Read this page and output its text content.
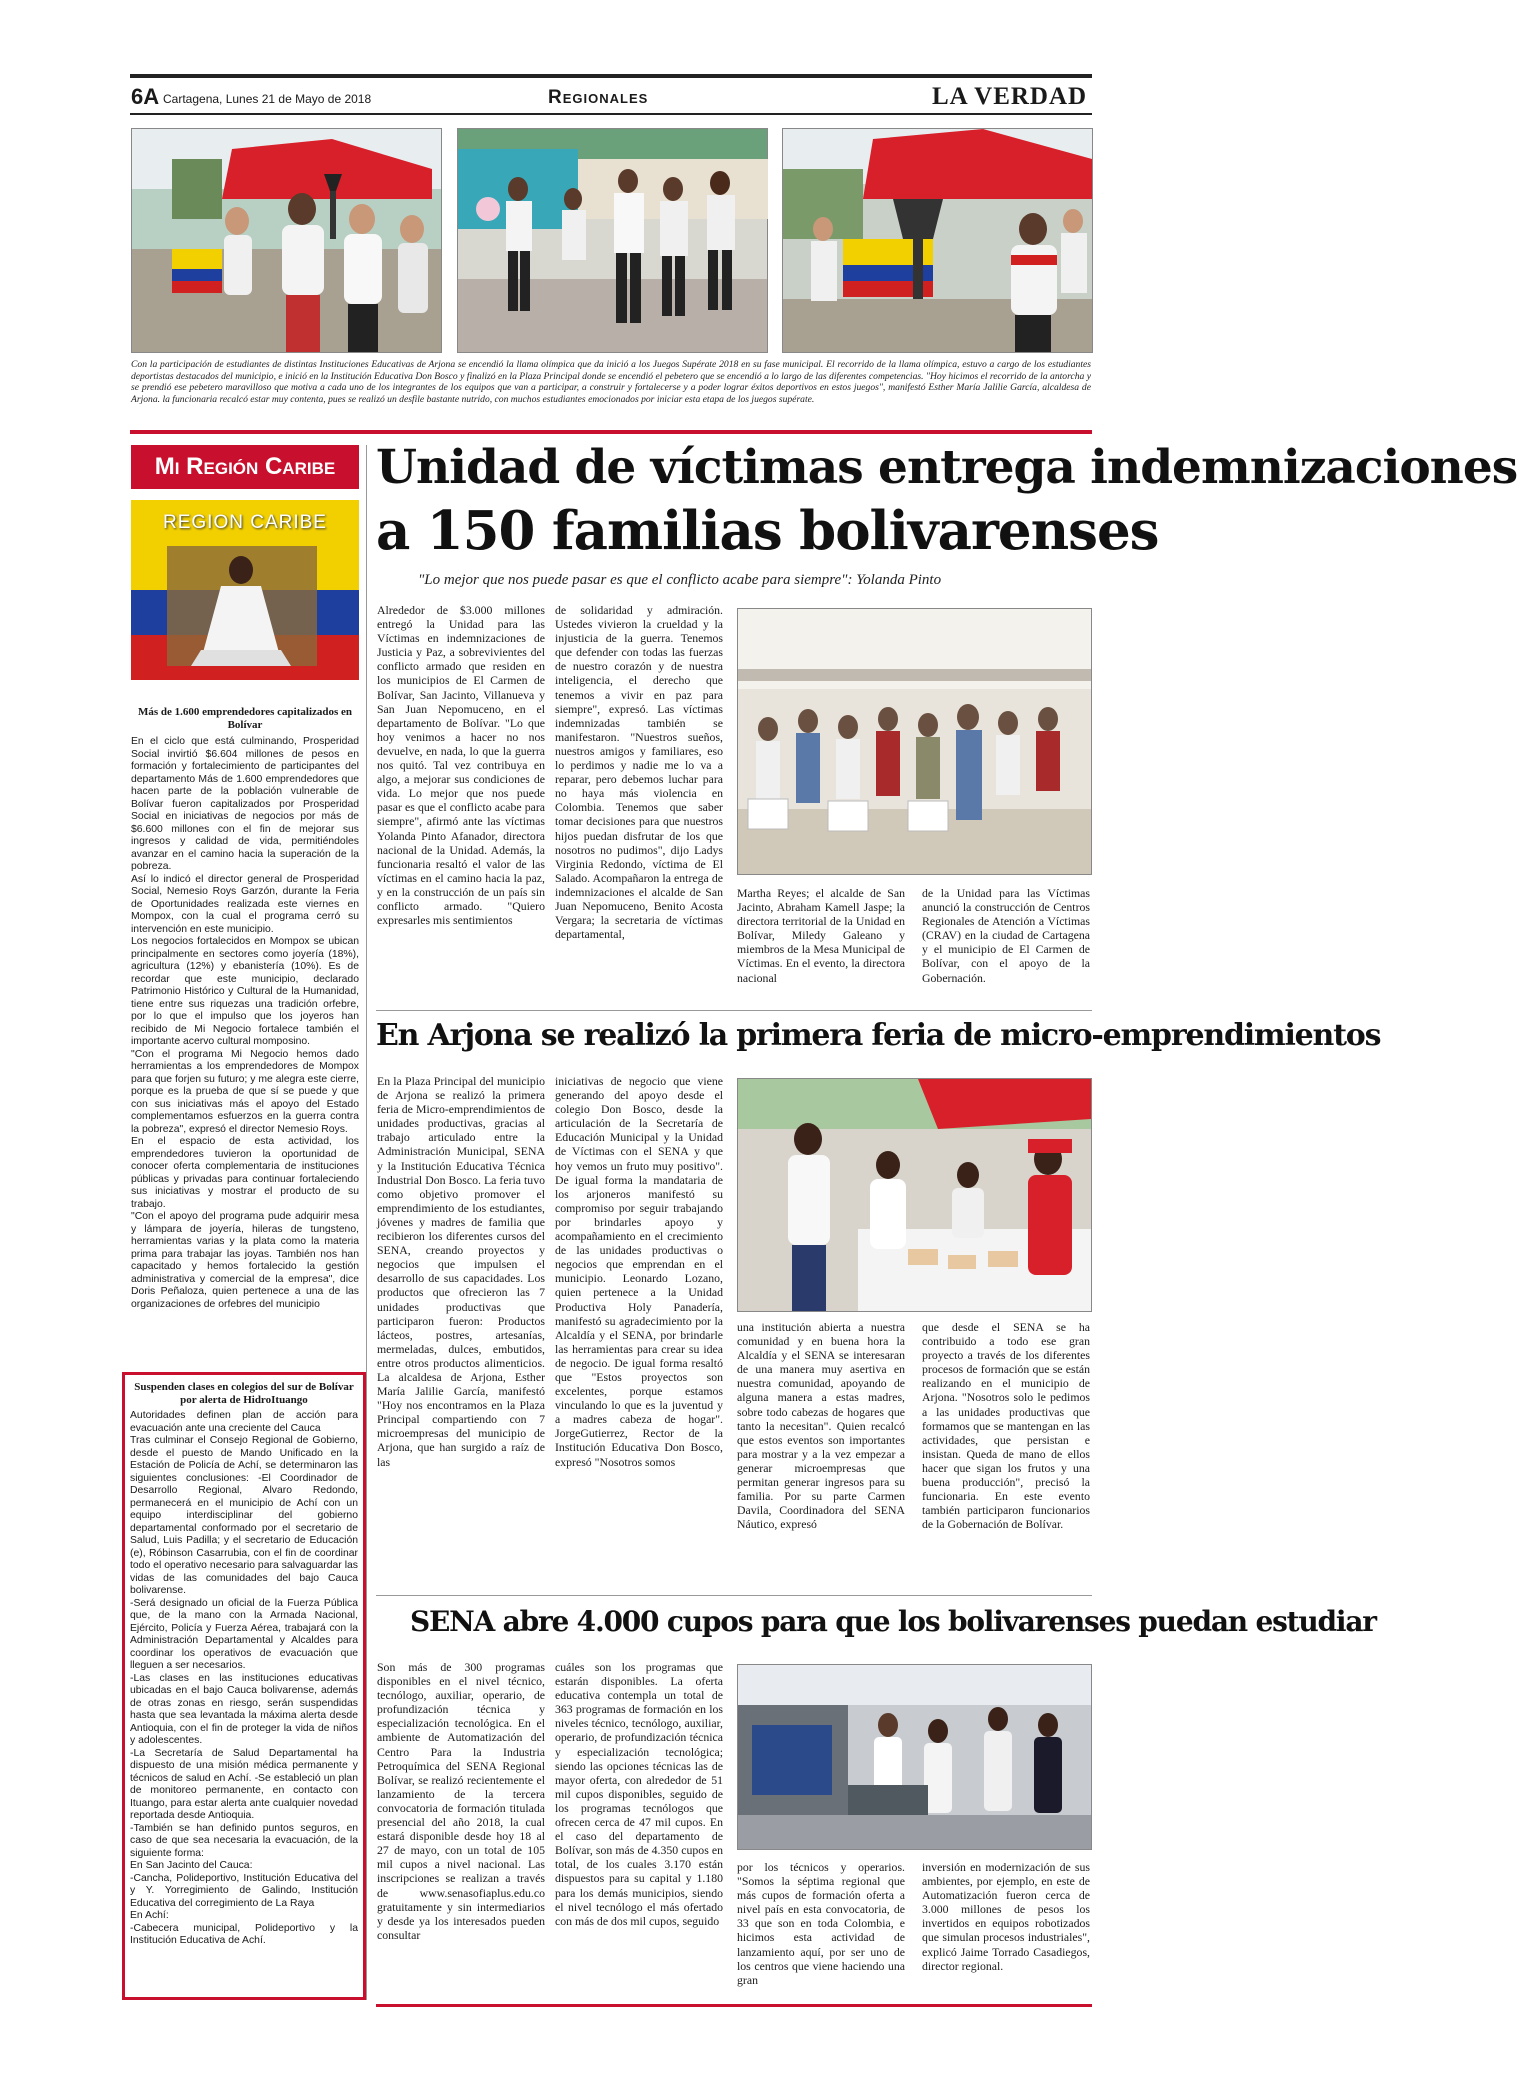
6A Cartagena, Lunes 21 de Mayo de 2018	Regionales	LA VERDAD
Con la participación de estudiantes de distintas Instituciones Educativas de Arjona se encendió la llama olímpica que da inició a los Juegos Supérate 2018 en su fase municipal. El recorrido de la llama olímpica, estuvo a cargo de los estudiantes deportistas destacados del municipio, e inició en la Institución Educativa Don Bosco y finalizó en la Plaza Principal donde se encendió el pebetero que se encendió a lo largo de las diferentes competencias. "Hoy hicimos el recorrido de la antorcha y se prendió ese pebetero maravilloso que motiva a cada uno de los integrantes de los equipos que van a participar, a construir y fortalecerse y a poder lograr éxitos deportivos en estos juegos", manifestó Esther María Jalilie García, alcaldesa de Arjona. la funcionaria recalcó estar muy contenta, pues se realizó un desfile bastante nutrido, con muchos estudiantes emocionados por iniciar esta etapa de los juegos supérate.
Mi Región Caribe
REGION CARIBE
Más de 1.600 emprendedores capitalizados en Bolívar

En el ciclo que está culminando, Prosperidad Social invirtió $6.604 millones de pesos en formación y fortalecimiento de participantes del departamento Más de 1.600 emprendedores que hacen parte de la población vulnerable de Bolívar fueron capitalizados por Prosperidad Social en iniciativas de negocios por más de $6.600 millones con el fin de mejorar sus ingresos y calidad de vida, permitiéndoles avanzar en el camino hacia la superación de la pobreza.

Así lo indicó el director general de Prosperidad Social, Nemesio Roys Garzón, durante la Feria de Oportunidades realizada este viernes en Mompox, con la cual el programa cerró su intervención en este municipio.

Los negocios fortalecidos en Mompox se ubican principalmente en sectores como joyería (18%), agricultura (12%) y ebanistería (10%). Es de recordar que este municipio, declarado Patrimonio Histórico y Cultural de la Humanidad, tiene entre sus riquezas una tradición orfebre, por lo que el impulso que los joyeros han recibido de Mi Negocio fortalece también el importante acervo cultural momposino.

"Con el programa Mi Negocio hemos dado herramientas a los emprendedores de Mompox para que forjen su futuro; y me alegra este cierre, porque es la prueba de que sí se puede y que con sus iniciativas más el apoyo del Estado complementamos esfuerzos en la guerra contra la pobreza", expresó el director Nemesio Roys.

En el espacio de esta actividad, los emprendedores tuvieron la oportunidad de conocer oferta complementaria de instituciones públicas y privadas para continuar fortaleciendo sus iniciativas y mostrar el producto de su trabajo.

"Con el apoyo del programa pude adquirir mesa y lámpara de joyería, hileras de tungsteno, herramientas varias y la plata como la materia prima para trabajar las joyas. También nos han capacitado y hemos fortalecido la gestión administrativa y comercial de la empresa", dice Doris Peñaloza, quien pertenece a una de las organizaciones de orfebres del municipio

Suspenden clases en colegios del sur de Bolívar por alerta de HidroItuango

Autoridades definen plan de acción para evacuación ante una creciente del Cauca

Tras culminar el Consejo Regional de Gobierno, desde el puesto de Mando Unificado en la Estación de Policía de Achí, se determinaron las siguientes conclusiones: -El Coordinador de Desarrollo Regional, Alvaro Redondo, permanecerá en el municipio de Achí con un equipo interdisciplinar del gobierno departamental conformado por el secretario de Salud, Luis Padilla; y el secretario de Educación (e), Róbinson Casarrubia, con el fin de coordinar todo el operativo necesario para salvaguardar las vidas de las comunidades del bajo Cauca bolivarense.

-Será designado un oficial de la Fuerza Pública que, de la mano con la Armada Nacional, Ejército, Policía y Fuerza Aérea, trabajará con la Administración Departamental y Alcaldes para coordinar los operativos de evacuación que lleguen a ser necesarios.

-Las clases en las instituciones educativas ubicadas en el bajo Cauca bolivarense, además de otras zonas en riesgo, serán suspendidas hasta que sea levantada la máxima alerta desde Antioquia, con el fin de proteger la vida de niños y adolescentes.

-La Secretaría de Salud Departamental ha dispuesto de una misión médica permanente y técnicos de salud en Achí. -Se estableció un plan de monitoreo permanente, en contacto con Ituango, para estar alerta ante cualquier novedad reportada desde Antioquia.

-También se han definido puntos seguros, en caso de que sea necesaria la evacuación, de la siguiente forma:

En San Jacinto del Cauca:

-Cancha, Polideportivo, Institución Educativa del y Y. Yorregimiento de Galindo, Institución Educativa del corregimiento de La Raya

En Achí:

-Cabecera municipal, Polideportivo y la Institución Educativa de Achí.

Unidad de víctimas entrega indemnizaciones
a 150 familias bolivarenses
"Lo mejor que nos puede pasar es que el conflicto acabe para siempre": Yolanda Pinto
Alrededor de $3.000 millones entregó la Unidad para las Víctimas en indemnizaciones de Justicia y Paz, a sobrevivientes del conflicto armado que residen en los municipios de El Carmen de Bolívar, San Jacinto, Villanueva y San Juan Nepomuceno, en el departamento de Bolívar. "Lo que hoy venimos a hacer no nos devuelve, en nada, lo que la guerra nos quitó. Tal vez contribuya en algo, a mejorar sus condiciones de vida. Lo mejor que nos puede pasar es que el conflicto acabe para siempre", afirmó ante las víctimas Yolanda Pinto Afanador, directora nacional de la Unidad. Además, la funcionaria resaltó el valor de las víctimas en el camino hacia la paz, y en la construcción de un país sin conflicto armado. "Quiero expresarles mis sentimientos
de solidaridad y admiración. Ustedes vivieron la crueldad y la injusticia de la guerra. Tenemos que defender con todas las fuerzas de nuestro corazón y de nuestra inteligencia, el derecho que tenemos a vivir en paz para siempre", expresó. Las víctimas indemnizadas también se manifestaron. "Nuestros sueños, nuestros amigos y familiares, eso lo perdimos y nadie me lo va a reparar, pero debemos luchar para no haya más violencia en Colombia. Tenemos que saber tomar decisiones para que nuestros hijos puedan disfrutar de los que nosotros no pudimos", dijo Ladys Virginia Redondo, víctima de El Salado. Acompañaron la entrega de indemnizaciones el alcalde de San Juan Nepomuceno, Benito Acosta Vergara; la secretaria de víctimas departamental,
Martha Reyes; el alcalde de San Jacinto, Abraham Kamell Jaspe; la directora territorial de la Unidad en Bolívar, Miledy Galeano y miembros de la Mesa Municipal de Víctimas. En el evento, la directora nacional
de la Unidad para las Víctimas anunció la construcción de Centros Regionales de Atención a Víctimas (CRAV) en la ciudad de Cartagena y el municipio de El Carmen de Bolívar, con el apoyo de la Gobernación.
En Arjona se realizó la primera feria de micro-emprendimientos
En la Plaza Principal del municipio de Arjona se realizó la primera feria de Micro-emprendimientos de unidades productivas, gracias al trabajo articulado entre la Administración Municipal, SENA y la Institución Educativa Técnica Industrial Don Bosco. La feria tuvo como objetivo promover el emprendimiento de los estudiantes, jóvenes y madres de familia que recibieron los diferentes cursos del SENA, creando proyectos y negocios que impulsen el desarrollo de sus capacidades. Los productos que ofrecieron las 7 unidades productivas que participaron fueron: Productos lácteos, postres, artesanías, mermeladas, dulces, embutidos, entre otros productos alimenticios. La alcaldesa de Arjona, Esther María Jalilie García, manifestó "Hoy nos encontramos en la Plaza Principal compartiendo con 7 microempresas del municipio de Arjona, que han surgido a raíz de las
iniciativas de negocio que viene generando del apoyo desde el colegio Don Bosco, desde la articulación de la Secretaría de Educación Municipal y la Unidad de Víctimas con el SENA y que hoy vemos un fruto muy positivo". De igual forma la mandataria de los arjoneros manifestó su compromiso por seguir trabajando por brindarles apoyo y acompañamiento en el crecimiento de las unidades productivas o negocios que emprendan en el municipio. Leonardo Lozano, quien pertenece a la Unidad Productiva Holy Panadería, manifestó su agradecimiento por la Alcaldía y el SENA, por brindarle las herramientas para crear su idea de negocio. De igual forma resaltó que "Estos proyectos son excelentes, porque estamos vinculando lo que es la juventud y a madres cabeza de hogar". JorgeGutierrez, Rector de la Institución Educativa Don Bosco, expresó "Nosotros somos
una institución abierta a nuestra comunidad y en buena hora la Alcaldía y el SENA se interesaran de una manera muy asertiva en nuestra comunidad, apoyando de alguna manera a estas madres, sobre todo cabezas de hogares que tanto la necesitan". Quien recalcó que estos eventos son importantes para mostrar y a la vez empezar a generar microempresas que permitan generar ingresos para su familia. Por su parte Carmen Davila, Coordinadora del SENA Náutico, expresó
que desde el SENA se ha contribuido a todo ese gran proyecto a través de los diferentes procesos de formación que se están realizando en el municipio de Arjona. "Nosotros solo le pedimos a las unidades productivas que formamos que se mantengan en las actividades, que persistan e insistan. Queda de mano de ellos hacer que sigan los frutos y una buena producción", precisó la funcionaria. En este evento también participaron funcionarios de la Gobernación de Bolívar.
SENA abre 4.000 cupos para que los bolivarenses puedan estudiar
Son más de 300 programas disponibles en el nivel técnico, tecnólogo, auxiliar, operario, de profundización técnica y especialización tecnológica. En el ambiente de Automatización del Centro Para la Industria Petroquímica del SENA Regional Bolívar, se realizó recientemente el lanzamiento de la tercera convocatoria de formación titulada presencial del año 2018, la cual estará disponible desde hoy 18 al 27 de mayo, con un total de 105 mil cupos a nivel nacional. Las inscripciones se realizan a través de www.senasofiaplus.edu.co gratuitamente y sin intermediarios y desde ya los interesados pueden consultar
cuáles son los programas que estarán disponibles. La oferta educativa contempla un total de 363 programas de formación en los niveles técnico, tecnólogo, auxiliar, operario, de profundización técnica y especialización tecnológica; siendo las opciones técnicas las de mayor oferta, con alrededor de 51 mil cupos disponibles, seguido de los programas tecnólogos que ofrecen cerca de 47 mil cupos. En el caso del departamento de Bolívar, son más de 4.350 cupos en total, de los cuales 3.170 están dispuestos para su capital y 1.180 para los demás municipios, siendo el nivel tecnólogo el más ofertado con más de dos mil cupos, seguido
por los técnicos y operarios. "Somos la séptima regional que más cupos de formación oferta a nivel país en esta convocatoria, de 33 que son en toda Colombia, e hicimos esta actividad de lanzamiento aquí, por ser uno de los centros que viene haciendo una gran
inversión en modernización de sus ambientes, por ejemplo, en este de Automatización fueron cerca de 3.000 millones de pesos los invertidos en equipos robotizados que simulan procesos industriales", explicó Jaime Torrado Casadiegos, director regional.
